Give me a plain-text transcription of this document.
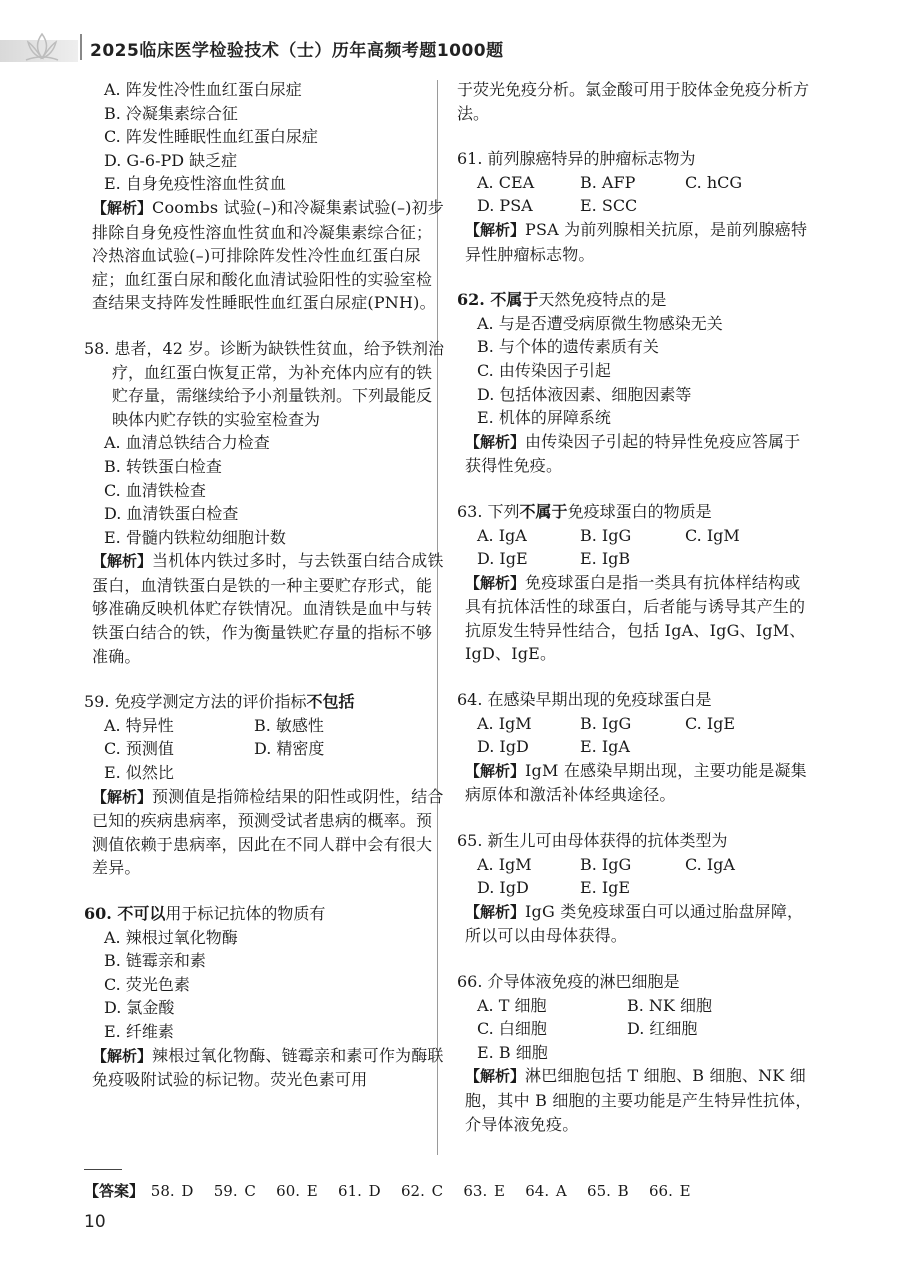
2025临床医学检验技术（士）历年高频考题1000题

A. 阵发性冷性血红蛋白尿症

B. 冷凝集素综合征

C. 阵发性睡眠性血红蛋白尿症

D. G-6-PD 缺乏症

E. 自身免疫性溶血性贫血

【解析】Coombs 试验(–)和冷凝集素试验(–)初步排除自身免疫性溶血性贫血和冷凝集素综合征；冷热溶血试验(–)可排除阵发性冷性血红蛋白尿症；血红蛋白尿和酸化血清试验阳性的实验室检查结果支持阵发性睡眠性血红蛋白尿症(PNH)。

58. 患者，42 岁。诊断为缺铁性贫血，给予铁剂治疗，血红蛋白恢复正常，为补充体内应有的铁贮存量，需继续给予小剂量铁剂。下列最能反映体内贮存铁的实验室检查为

A. 血清总铁结合力检查

B. 转铁蛋白检查

C. 血清铁检查

D. 血清铁蛋白检查

E. 骨髓内铁粒幼细胞计数

【解析】当机体内铁过多时，与去铁蛋白结合成铁蛋白，血清铁蛋白是铁的一种主要贮存形式，能够准确反映机体贮存铁情况。血清铁是血中与转铁蛋白结合的铁，作为衡量铁贮存量的指标不够准确。

59. 免疫学测定方法的评价指标不包括

A. 特异性	B. 敏感性
C. 预测值	D. 精密度
E. 似然比

【解析】预测值是指筛检结果的阳性或阴性，结合已知的疾病患病率，预测受试者患病的概率。预测值依赖于患病率，因此在不同人群中会有很大差异。

60. 不可以用于标记抗体的物质有

A. 辣根过氧化物酶

B. 链霉亲和素

C. 荧光色素

D. 氯金酸

E. 纤维素

【解析】辣根过氧化物酶、链霉亲和素可作为酶联免疫吸附试验的标记物。荧光色素可用

于荧光免疫分析。氯金酸可用于胶体金免疫分析方法。

61. 前列腺癌特异的肿瘤标志物为

A. CEA	B. AFP	C. hCG
D. PSA	E. SCC

【解析】PSA 为前列腺相关抗原，是前列腺癌特异性肿瘤标志物。

62. 不属于天然免疫特点的是

A. 与是否遭受病原微生物感染无关

B. 与个体的遗传素质有关

C. 由传染因子引起

D. 包括体液因素、细胞因素等

E. 机体的屏障系统

【解析】由传染因子引起的特异性免疫应答属于获得性免疫。

63. 下列不属于免疫球蛋白的物质是

A. IgA	B. IgG	C. IgM
D. IgE	E. IgB

【解析】免疫球蛋白是指一类具有抗体样结构或具有抗体活性的球蛋白，后者能与诱导其产生的抗原发生特异性结合，包括 IgA、IgG、IgM、IgD、IgE。

64. 在感染早期出现的免疫球蛋白是

A. IgM	B. IgG	C. IgE
D. IgD	E. IgA

【解析】IgM 在感染早期出现，主要功能是凝集病原体和激活补体经典途径。

65. 新生儿可由母体获得的抗体类型为

A. IgM	B. IgG	C. IgA
D. IgD	E. IgE

【解析】IgG 类免疫球蛋白可以通过胎盘屏障，所以可以由母体获得。

66. 介导体液免疫的淋巴细胞是

A. T 细胞	B. NK 细胞
C. 白细胞	D. 红细胞
E. B 细胞

【解析】淋巴细胞包括 T 细胞、B 细胞、NK 细胞，其中 B 细胞的主要功能是产生特异性抗体，介导体液免疫。

【答案】 58. D   59. C   60. E   61. D   62. C   63. E   64. A   65. B   66. E
10
